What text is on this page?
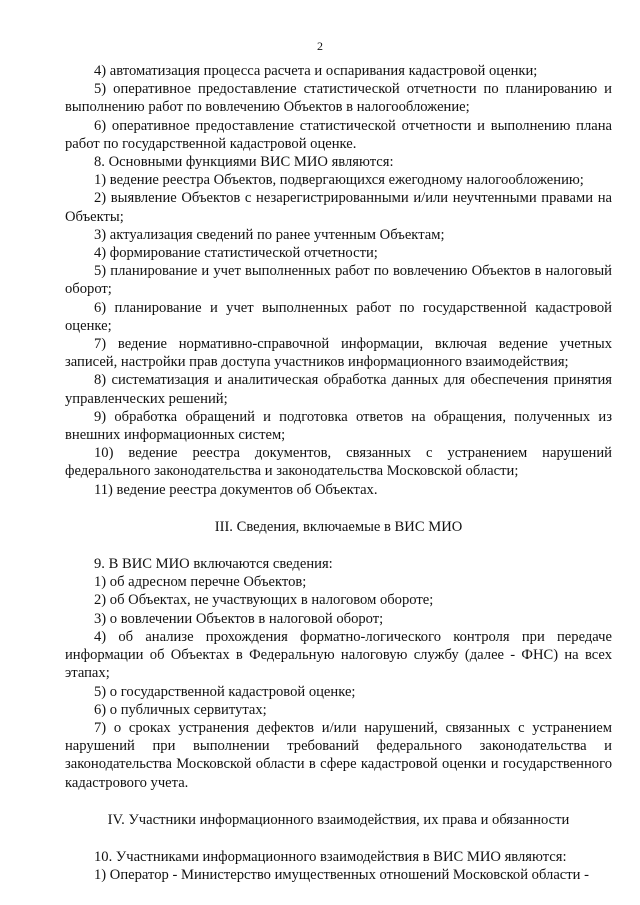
2

4) автоматизация процесса расчета и оспаривания кадастровой оценки;

5) оперативное предоставление статистической отчетности по планированию и выполнению работ по вовлечению Объектов в налогообложение;

6) оперативное предоставление статистической отчетности и выполнению плана работ по государственной кадастровой оценке.

8. Основными функциями ВИС МИО являются:

1) ведение реестра Объектов, подвергающихся ежегодному налогообложению;

2) выявление Объектов с незарегистрированными и/или неучтенными правами на Объекты;

3) актуализация сведений по ранее учтенным Объектам;

4) формирование статистической отчетности;

5) планирование и учет выполненных работ по вовлечению Объектов в налоговый оборот;

6) планирование и учет выполненных работ по государственной кадастровой оценке;

7) ведение нормативно-справочной информации, включая ведение учетных записей, настройки прав доступа участников информационного взаимодействия;

8) систематизация и аналитическая обработка данных для обеспечения принятия управленческих решений;

9) обработка обращений и подготовка ответов на обращения, полученных из внешних информационных систем;

10) ведение реестра документов, связанных с устранением нарушений федерального законодательства и законодательства Московской области;

11) ведение реестра документов об Объектах.

III. Сведения, включаемые в ВИС МИО

9. В ВИС МИО включаются сведения:

1) об адресном перечне Объектов;

2) об Объектах, не участвующих в налоговом обороте;

3) о вовлечении Объектов в налоговой оборот;

4) об анализе прохождения форматно-логического контроля при передаче информации об Объектах в Федеральную налоговую службу (далее - ФНС) на всех этапах;

5) о государственной кадастровой оценке;

6) о публичных сервитутах;

7) о сроках устранения дефектов и/или нарушений, связанных с устранением нарушений при выполнении требований федерального законодательства и законодательства Московской области в сфере кадастровой оценки и государственного кадастрового учета.

IV. Участники информационного взаимодействия, их права и обязанности

10. Участниками информационного взаимодействия в ВИС МИО являются:

1) Оператор - Министерство имущественных отношений Московской области -
